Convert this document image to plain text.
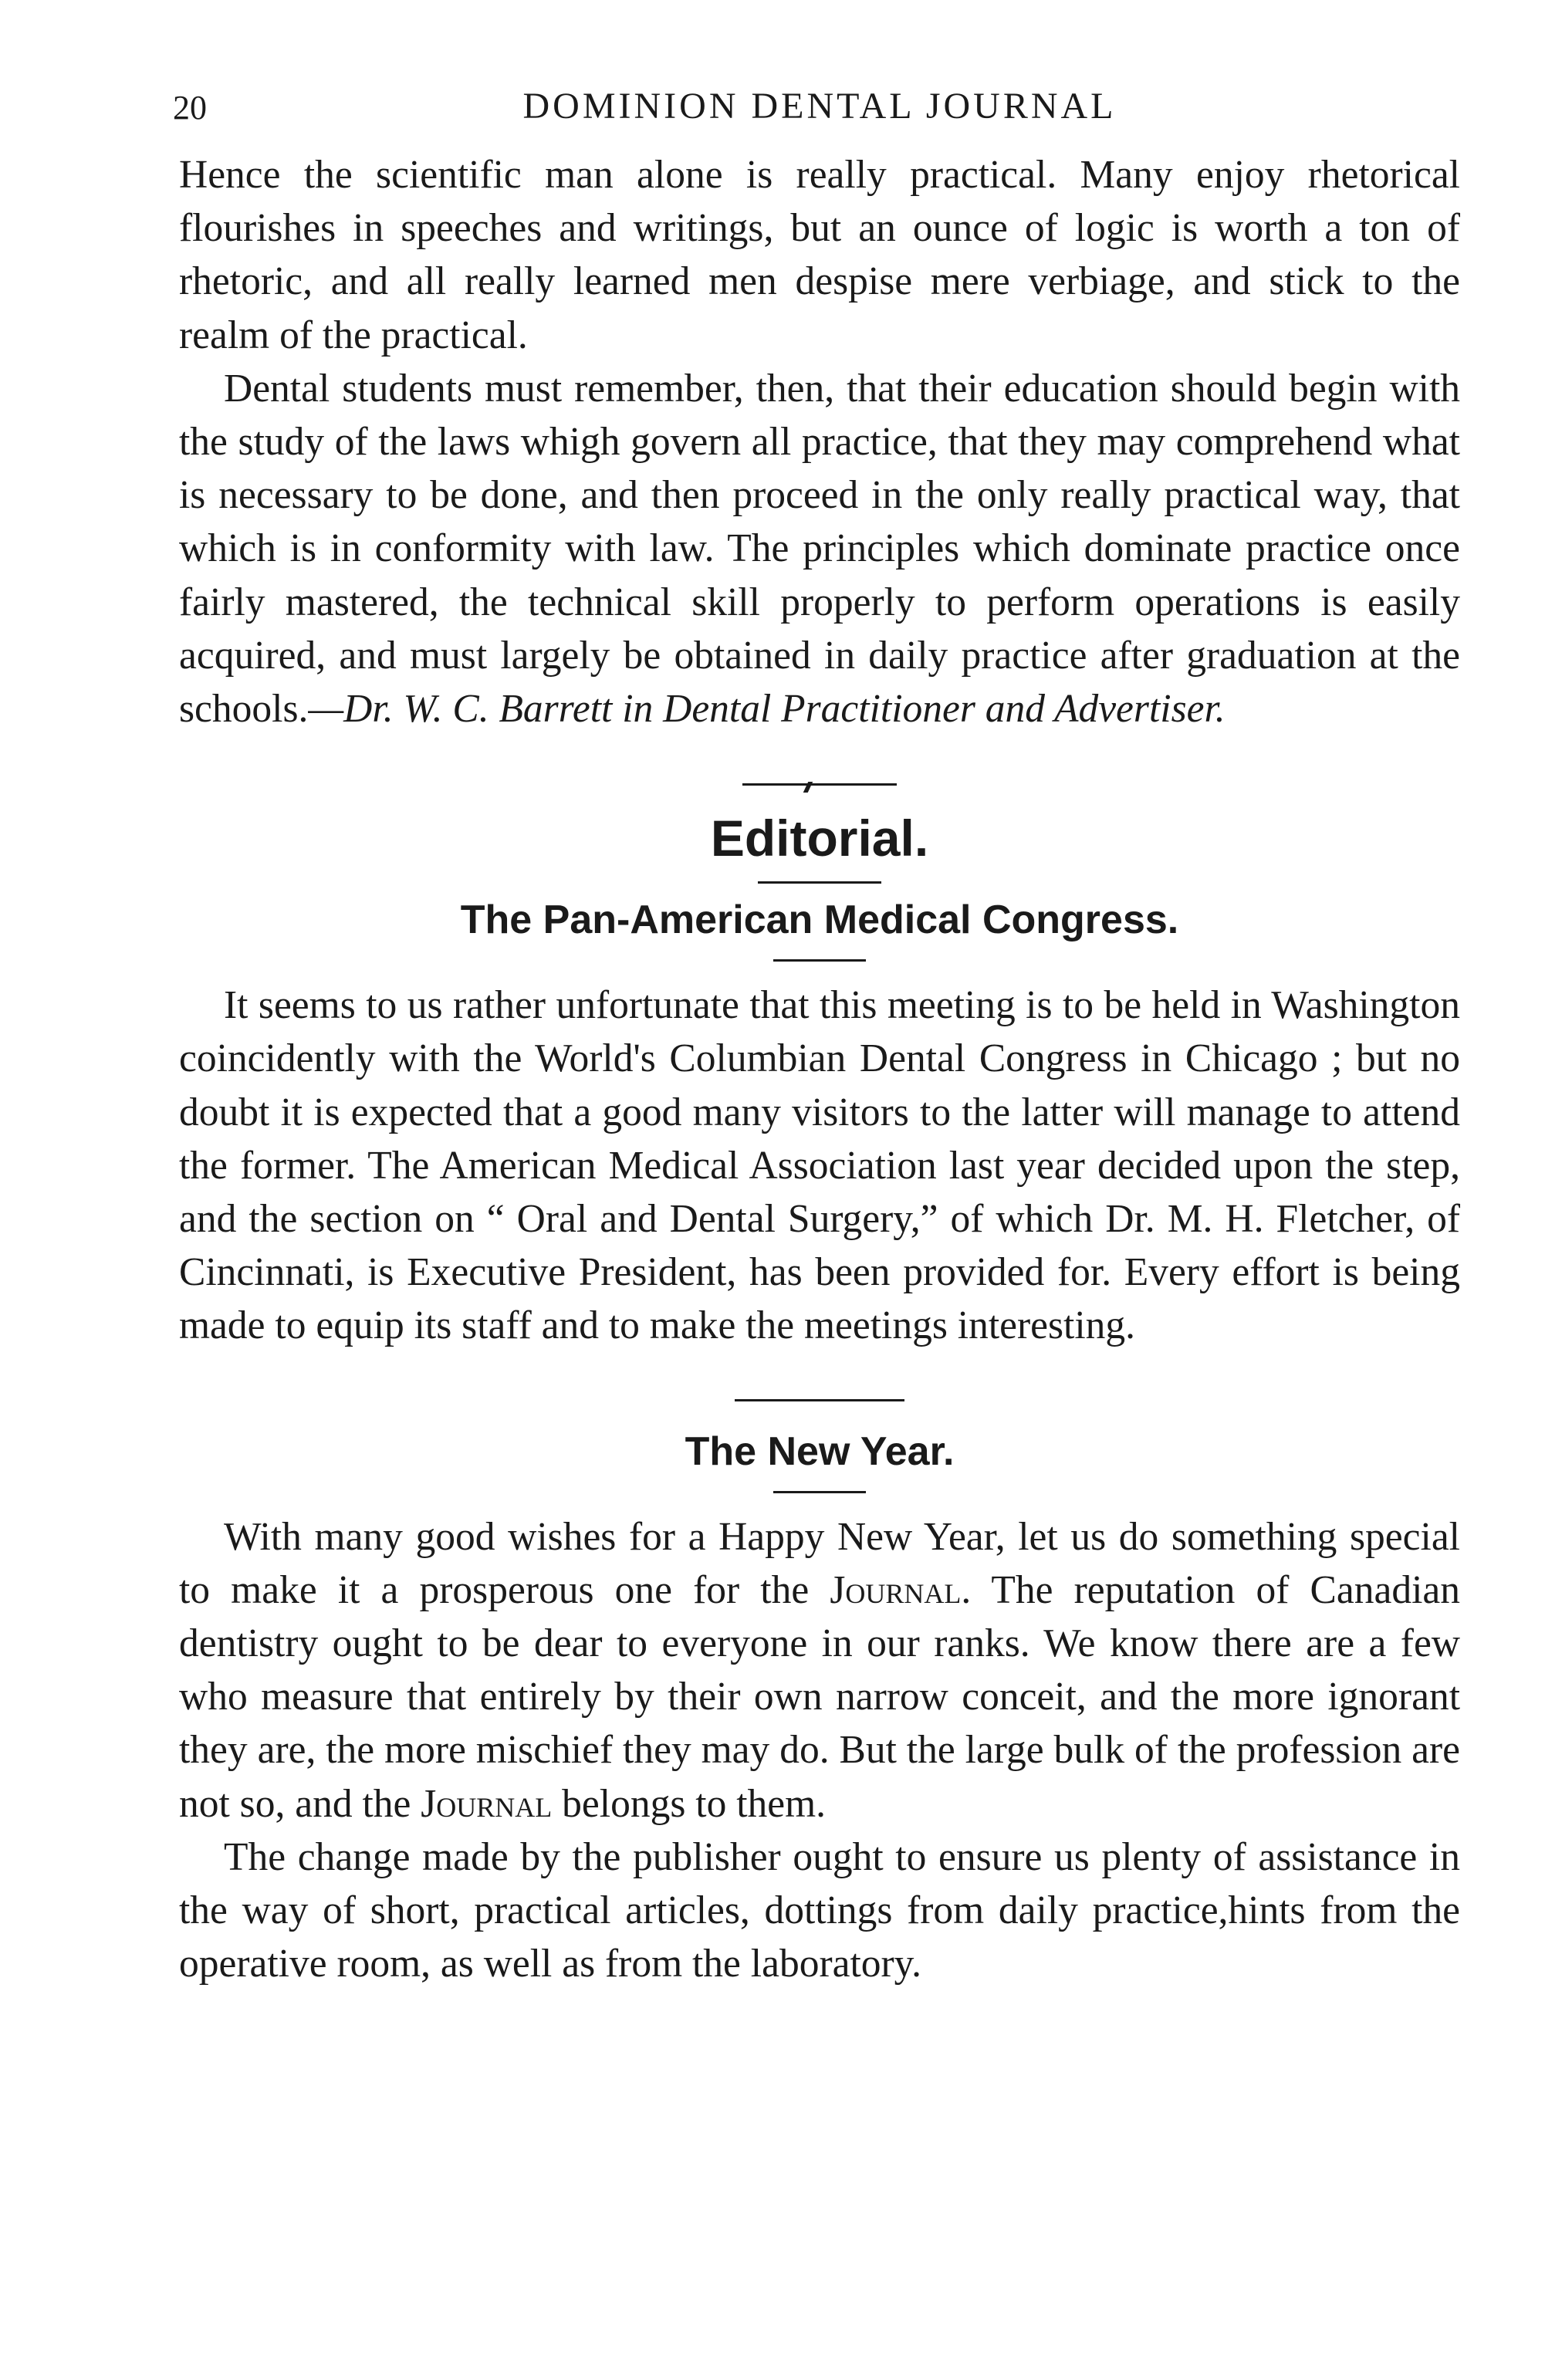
20	DOMINION DENTAL JOURNAL

Hence the scientific man alone is really practical. Many enjoy rhetorical flourishes in speeches and writings, but an ounce of logic is worth a ton of rhetoric, and all really learned men despise mere verbiage, and stick to the realm of the practical.

Dental students must remember, then, that their education should begin with the study of the laws whigh govern all practice, that they may comprehend what is necessary to be done, and then proceed in the only really practical way, that which is in conformity with law. The principles which dominate practice once fairly mastered, the technical skill properly to perform operations is easily acquired, and must largely be obtained in daily practice after graduation at the schools.—Dr. W. C. Barrett in Dental Practitioner and Advertiser.

Editorial.
The Pan-American Medical Congress.

It seems to us rather unfortunate that this meeting is to be held in Washington coincidently with the World's Columbian Dental Congress in Chicago ; but no doubt it is expected that a good many visitors to the latter will manage to attend the former. The American Medical Association last year decided upon the step, and the section on “ Oral and Dental Surgery,” of which Dr. M. H. Fletcher, of Cincinnati, is Executive President, has been provided for. Every effort is being made to equip its staff and to make the meetings interesting.

The New Year.

With many good wishes for a Happy New Year, let us do something special to make it a prosperous one for the Journal. The reputation of Canadian dentistry ought to be dear to everyone in our ranks. We know there are a few who measure that entirely by their own narrow conceit, and the more ignorant they are, the more mischief they may do. But the large bulk of the profession are not so, and the Journal belongs to them.

The change made by the publisher ought to ensure us plenty of assistance in the way of short, practical articles, dottings from daily practice,hints from the operative room, as well as from the laboratory.
